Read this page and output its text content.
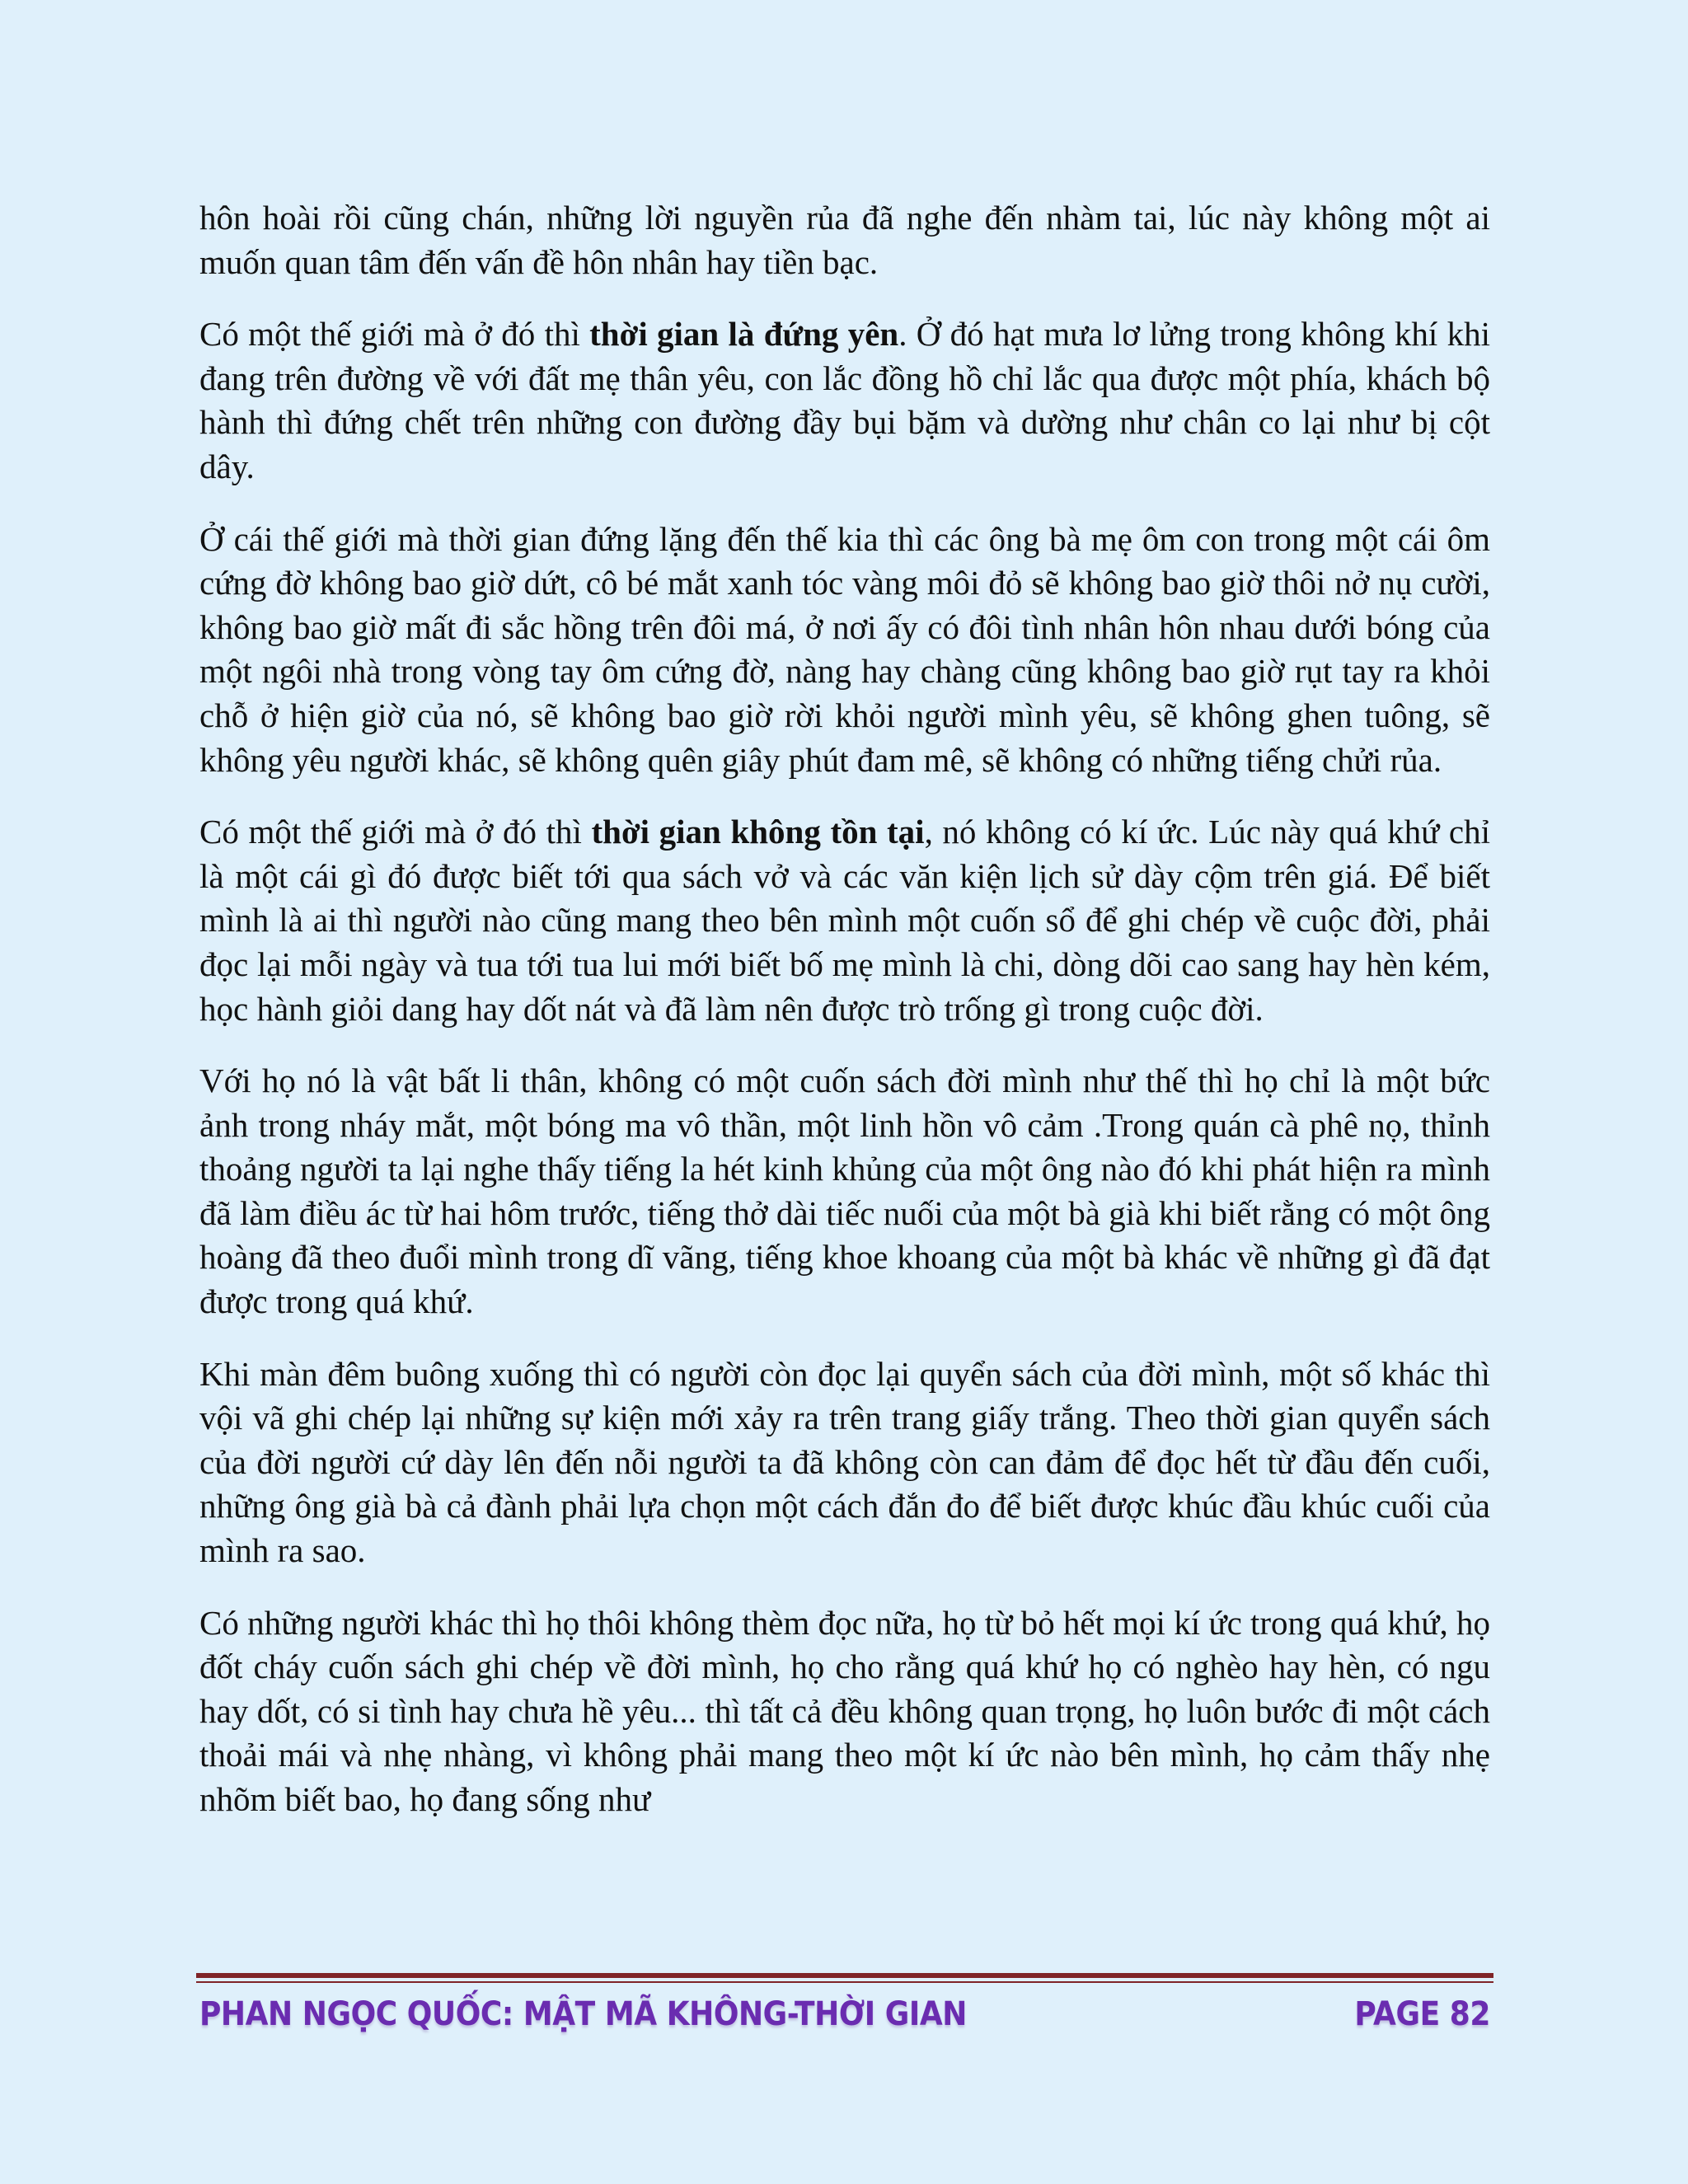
hôn hoài rồi cũng chán, những lời nguyền rủa đã nghe đến nhàm tai, lúc này không một ai muốn quan tâm đến vấn đề hôn nhân hay tiền bạc.

Có một thế giới mà ở đó thì thời gian là đứng yên. Ở đó hạt mưa lơ lửng trong không khí khi đang trên đường về với đất mẹ thân yêu, con lắc đồng hồ chỉ lắc qua được một phía, khách bộ hành thì đứng chết trên những con đường đầy bụi bặm và dường như chân co lại như bị cột dây.

Ở cái thế giới mà thời gian đứng lặng đến thế kia thì các ông bà mẹ ôm con trong một cái ôm cứng đờ không bao giờ dứt, cô bé mắt xanh tóc vàng môi đỏ sẽ không bao giờ thôi nở nụ cười, không bao giờ mất đi sắc hồng trên đôi má, ở nơi ấy có đôi tình nhân hôn nhau dưới bóng của một ngôi nhà trong vòng tay ôm cứng đờ, nàng hay chàng cũng không bao giờ rụt tay ra khỏi chỗ ở hiện giờ của nó, sẽ không bao giờ rời khỏi người mình yêu, sẽ không ghen tuông, sẽ không yêu người khác, sẽ không quên giây phút đam mê, sẽ không có những tiếng chửi rủa.

Có một thế giới mà ở đó thì thời gian không tồn tại, nó không có kí ức. Lúc này quá khứ chỉ là một cái gì đó được biết tới qua sách vở và các văn kiện lịch sử dày cộm trên giá. Để biết mình là ai thì người nào cũng mang theo bên mình một cuốn sổ để ghi chép về cuộc đời, phải đọc lại mỗi ngày và tua tới tua lui mới biết bố mẹ mình là chi, dòng dõi cao sang hay hèn kém, học hành giỏi dang hay dốt nát và đã làm nên được trò trống gì trong cuộc đời.

Với họ nó là vật bất li thân, không có một cuốn sách đời mình như thế thì họ chỉ là một bức ảnh trong nháy mắt, một bóng ma vô thần, một linh hồn vô cảm .Trong quán cà phê nọ, thỉnh thoảng người ta lại nghe thấy tiếng la hét kinh khủng của một ông nào đó khi phát hiện ra mình đã làm điều ác từ hai hôm trước, tiếng thở dài tiếc nuối của một bà già khi biết rằng có một ông hoàng đã theo đuổi mình trong dĩ vãng, tiếng khoe khoang của một bà khác về những gì đã đạt được trong quá khứ.

Khi màn đêm buông xuống thì có người còn đọc lại quyển sách của đời mình, một số khác thì vội vã ghi chép lại những sự kiện mới xảy ra trên trang giấy trắng. Theo thời gian quyển sách của đời người cứ dày lên đến nỗi người ta đã không còn can đảm để đọc hết từ đầu đến cuối, những ông già bà cả đành phải lựa chọn một cách đắn đo để biết được khúc đầu khúc cuối của mình ra sao.

Có những người khác thì họ thôi không thèm đọc nữa, họ từ bỏ hết mọi kí ức trong quá khứ, họ đốt cháy cuốn sách ghi chép về đời mình, họ cho rằng quá khứ họ có nghèo hay hèn, có ngu hay dốt, có si tình hay chưa hề yêu... thì tất cả đều không quan trọng, họ luôn bước đi một cách thoải mái và nhẹ nhàng, vì không phải mang theo một kí ức nào bên mình, họ cảm thấy nhẹ nhõm biết bao, họ đang sống như

PHAN NGỌC QUỐC: MẬT MÃ KHÔNG-THỜI GIAN	PAGE 82
